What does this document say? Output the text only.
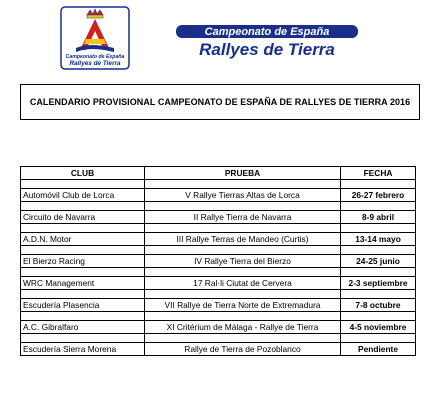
Campeonato de España
Rallyes de Tierra
Campeonato de España
Rallyes de Tierra
CALENDARIO PROVISIONAL CAMPEONATO DE ESPAÑA DE RALLYES DE TIERRA 2016
CLUB	PRUEBA	FECHA

Automóvil Club de Lorca	V Rallye Tierras Altas de Lorca	26-27 febrero

Circuito de Navarra	II Rallye Tierra de Navarra	8-9 abril

A.D.N. Motor	III Rallye Terras de Mandeo (Curtis)	13-14 mayo

El Bierzo Racing	IV Rallye Tierra del Bierzo	24-25 junio

WRC Management	17 Ral·li Ciutat de Cervera	2-3 septiembre

Escudería Plasencia	VII Rallye de Tierra Norte de Extremadura	7-8 octubre

A.C. Gibralfaro	XI Critérium de Málaga - Rallye de Tierra	4-5 noviembre

Escudería Sierra Morena	Rallye de Tierra de Pozoblanco	Pendiente
